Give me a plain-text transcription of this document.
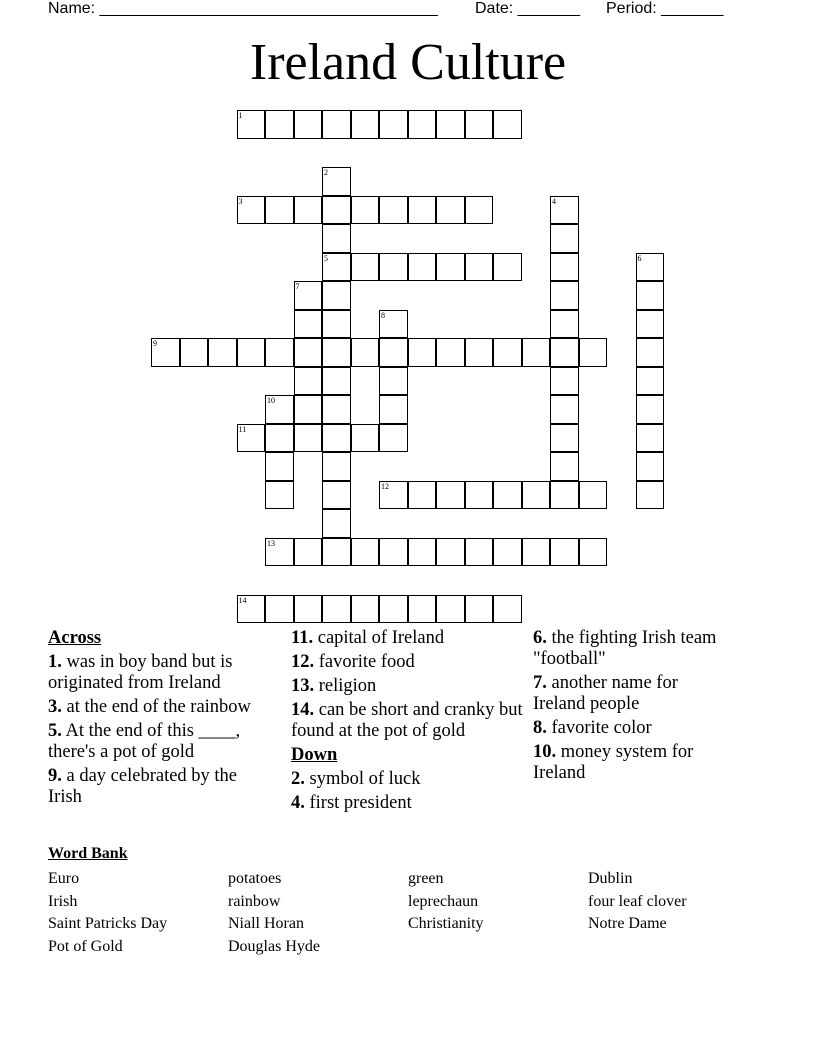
Name: ______________________________________ Date: _______ Period: _______
Ireland Culture
1
2
5
3	4
6
7
8
9
10
11
12
13
14
Across
1. was in boy band but is originated from Ireland
3. at the end of the rainbow
5. At the end of this ____, there's a pot of gold
9. a day celebrated by the Irish
11. capital of Ireland
12. favorite food
13. religion
14. can be short and cranky but found at the pot of gold
Down
2. symbol of luck
4. first president
6. the fighting Irish team "football"
7. another name for Ireland people
8. favorite color
10. money system for Ireland
Word Bank
Euro
Irish
Saint Patricks Day
Pot of Gold
potatoes
rainbow
Niall Horan
Douglas Hyde
green
leprechaun
Christianity
Dublin
four leaf clover
Notre Dame
